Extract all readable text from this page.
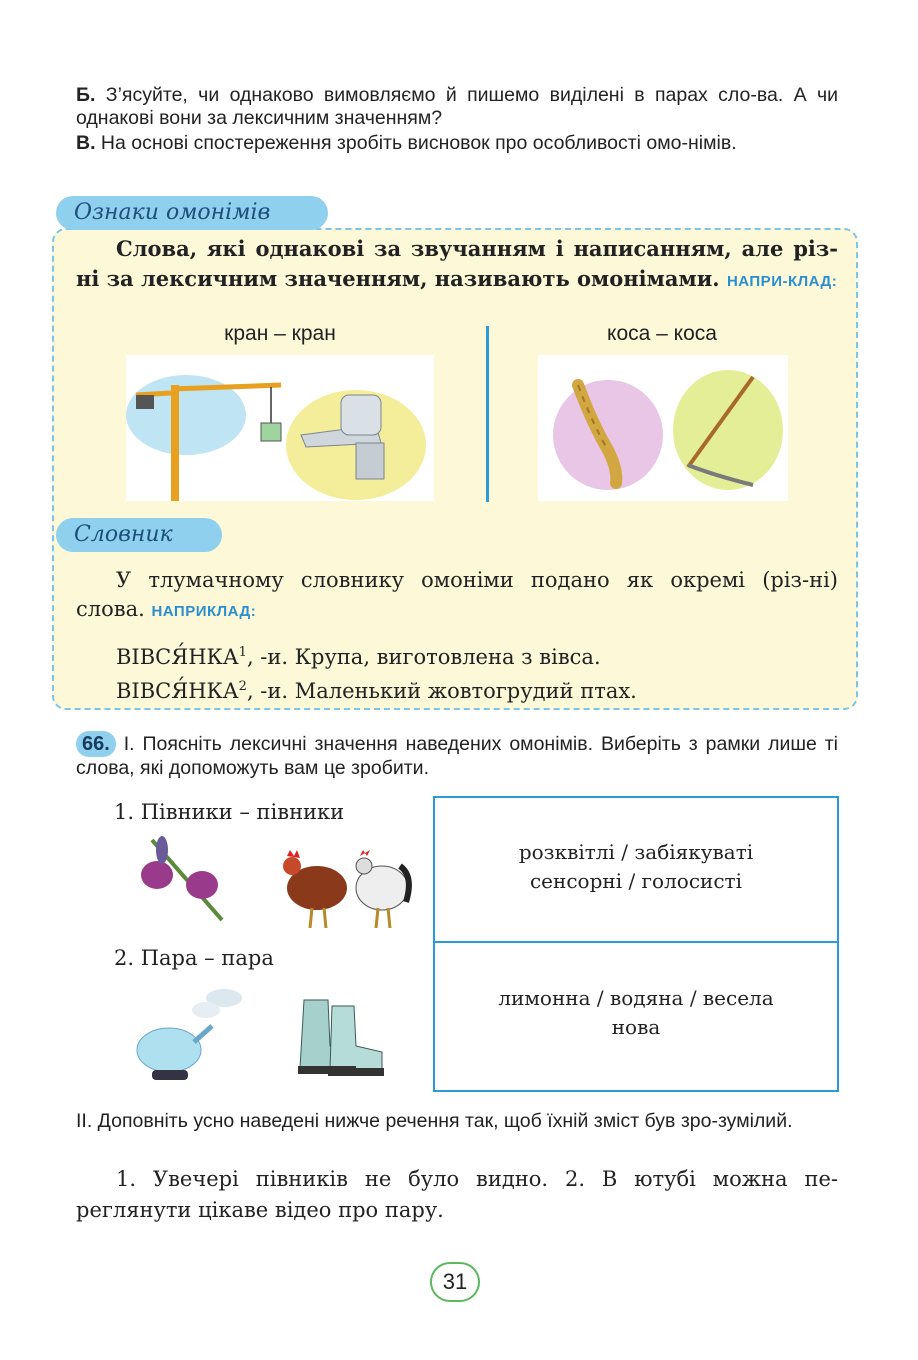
Б. З’ясуйте, чи однаково вимовляємо й пишемо виділені в парах сло-ва. А чи однакові вони за лексичним значенням?
В. На основі спостереження зробіть висновок про особливості омо-німів.
Ознаки омонімів
Слова, які однакові за звучанням і написанням, але різ-ні за лексичним значенням, називають омонімами. НАПРИ-КЛАД:
кран – кран	коса – коса
Словник
У тлумачному словнику омоніми подано як окремі (різ-ні) слова. НАПРИКЛАД:
ВІВСЯ́НКА$^1$, -и. Крупа, виготовлена з вівса.
ВІВСЯ́НКА$^2$, -и. Маленький жовтогрудий птах.
66. І. Поясніть лексичні значення наведених омонімів. Виберіть з рамки лише ті слова, які допоможуть вам це зробити.
1. Півники – півники
2. Пара – пара
розквітлі / забіякуваті
сенсорні / голосисті
лимонна / водяна / весела
нова
ІІ. Доповніть усно наведені нижче речення так, щоб їхній зміст був зро-зумілий.
1. Увечері півників не було видно. 2. В ютубі можна пе-реглянути цікаве відео про пару.
31
